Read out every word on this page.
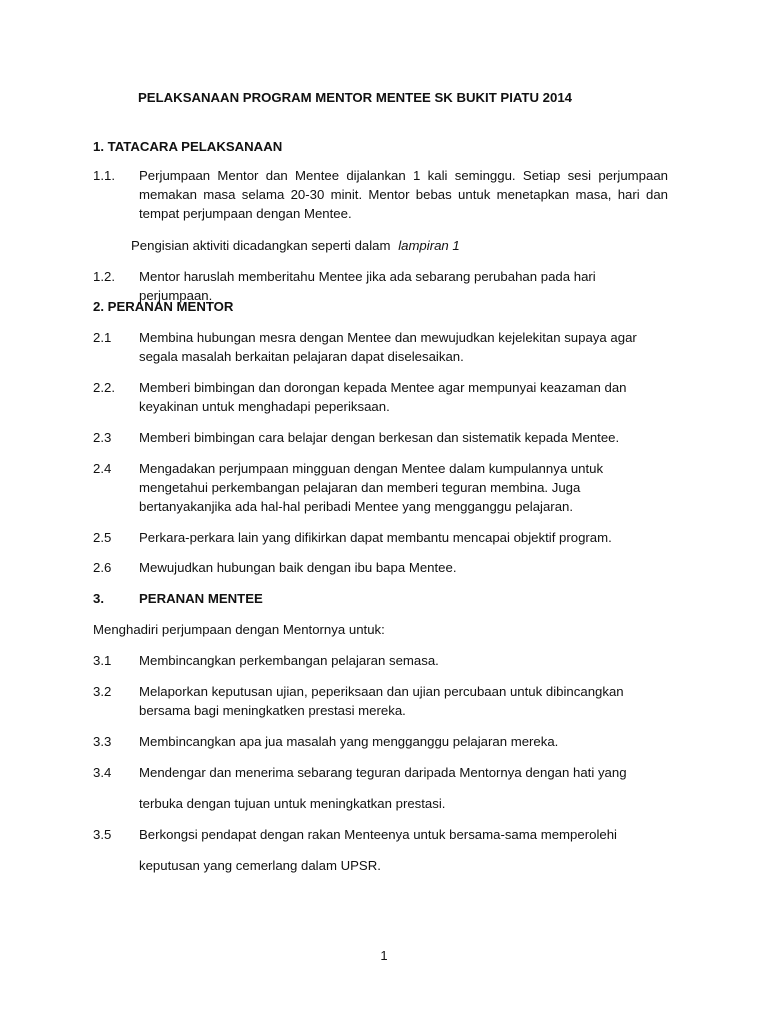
PELAKSANAAN PROGRAM MENTOR MENTEE SK BUKIT PIATU 2014
1. TATACARA PELAKSANAAN
1.1. Perjumpaan Mentor dan Mentee dijalankan 1 kali seminggu. Setiap sesi perjumpaan memakan masa selama 20-30 minit. Mentor bebas untuk menetapkan masa, hari dan tempat perjumpaan dengan Mentee.
Pengisian aktiviti dicadangkan seperti dalam lampiran 1
1.2. Mentor haruslah memberitahu Mentee jika ada sebarang perubahan pada hari perjumpaan.
2. PERANAN MENTOR
2.1 Membina hubungan mesra dengan Mentee dan mewujudkan kejelekitan supaya agar segala masalah berkaitan pelajaran dapat diselesaikan.
2.2. Memberi bimbingan dan dorongan kepada Mentee agar mempunyai keazaman dan keyakinan untuk menghadapi peperiksaan.
2.3 Memberi bimbingan cara belajar dengan berkesan dan sistematik kepada Mentee.
2.4 Mengadakan perjumpaan mingguan dengan Mentee dalam kumpulannya untuk mengetahui perkembangan pelajaran dan memberi teguran membina. Juga bertanyakanjika ada hal-hal peribadi Mentee yang mengganggu pelajaran.
2.5 Perkara-perkara lain yang difikirkan dapat membantu mencapai objektif program.
2.6 Mewujudkan hubungan baik dengan ibu bapa Mentee.
3.	PERANAN MENTEE
Menghadiri perjumpaan dengan Mentornya untuk:
3.1 Membincangkan perkembangan pelajaran semasa.
3.2 Melaporkan keputusan ujian, peperiksaan dan ujian percubaan untuk dibincangkan bersama bagi meningkatken prestasi mereka.
3.3 Membincangkan apa jua masalah yang mengganggu pelajaran mereka.
3.4 Mendengar dan menerima sebarang teguran daripada Mentornya dengan hati yang
terbuka dengan tujuan untuk meningkatkan prestasi.
3.5 Berkongsi pendapat dengan rakan Menteenya untuk bersama-sama memperolehi
keputusan yang cemerlang dalam UPSR.
1
